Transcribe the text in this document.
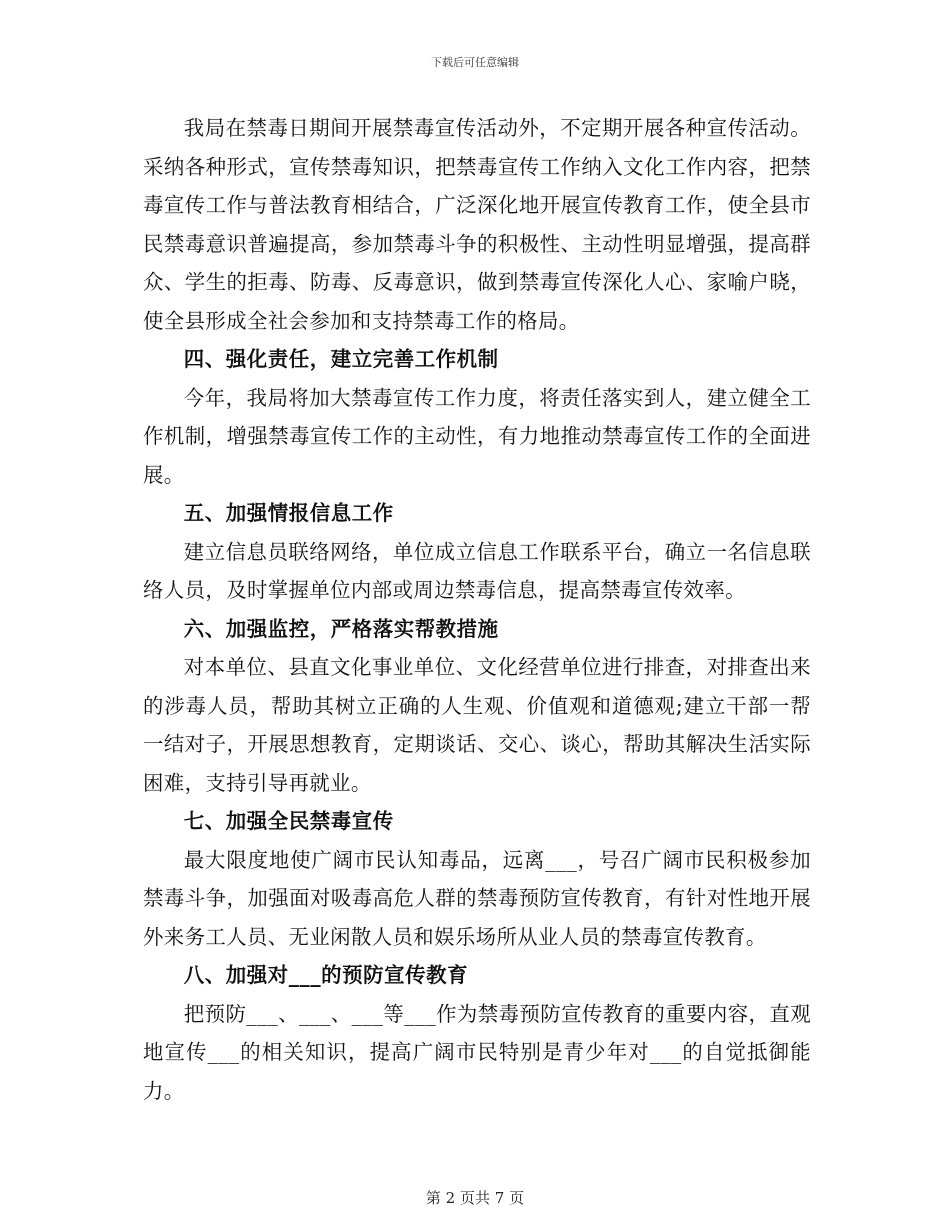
下载后可任意编辑

我局在禁毒日期间开展禁毒宣传活动外，不定期开展各种宣传活动。采纳各种形式，宣传禁毒知识，把禁毒宣传工作纳入文化工作内容，把禁毒宣传工作与普法教育相结合，广泛深化地开展宣传教育工作，使全县市民禁毒意识普遍提高，参加禁毒斗争的积极性、主动性明显增强，提高群众、学生的拒毒、防毒、反毒意识，做到禁毒宣传深化人心、家喻户晓，使全县形成全社会参加和支持禁毒工作的格局。

四、强化责任，建立完善工作机制

今年，我局将加大禁毒宣传工作力度，将责任落实到人，建立健全工作机制，增强禁毒宣传工作的主动性，有力地推动禁毒宣传工作的全面进展。

五、加强情报信息工作

建立信息员联络网络，单位成立信息工作联系平台，确立一名信息联络人员，及时掌握单位内部或周边禁毒信息，提高禁毒宣传效率。

六、加强监控，严格落实帮教措施

对本单位、县直文化事业单位、文化经营单位进行排查，对排查出来的涉毒人员，帮助其树立正确的人生观、价值观和道德观;建立干部一帮一结对子，开展思想教育，定期谈话、交心、谈心，帮助其解决生活实际困难，支持引导再就业。

七、加强全民禁毒宣传

最大限度地使广阔市民认知毒品，远离___，号召广阔市民积极参加禁毒斗争，加强面对吸毒高危人群的禁毒预防宣传教育，有针对性地开展外来务工人员、无业闲散人员和娱乐场所从业人员的禁毒宣传教育。

八、加强对___的预防宣传教育

把预防___、___、___等___作为禁毒预防宣传教育的重要内容，直观地宣传___的相关知识，提高广阔市民特别是青少年对___的自觉抵御能力。

第 2 页共 7 页
